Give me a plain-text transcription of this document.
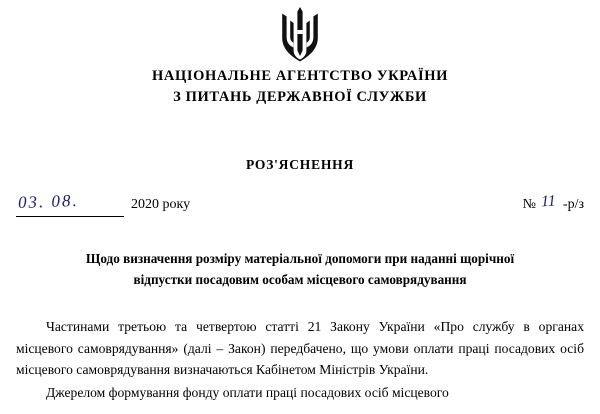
НАЦІОНАЛЬНЕ АГЕНТСТВО УКРАЇНИ
З ПИТАНЬ ДЕРЖАВНОЇ СЛУЖБИ
РОЗ'ЯСНЕННЯ
03. 08.	2020 року	№ 11 -р/з
Щодо визначення розміру матеріальної допомоги при наданні щорічної
відпустки посадовим особам місцевого самоврядування

Частинами третьою та четвертою статті 21 Закону України «Про службу в органах місцевого самоврядування» (далі – Закон) передбачено, що умови оплати праці посадових осіб місцевого самоврядування визначаються Кабінетом Міністрів України.

Джерелом формування фонду оплати праці посадових осіб місцевого
